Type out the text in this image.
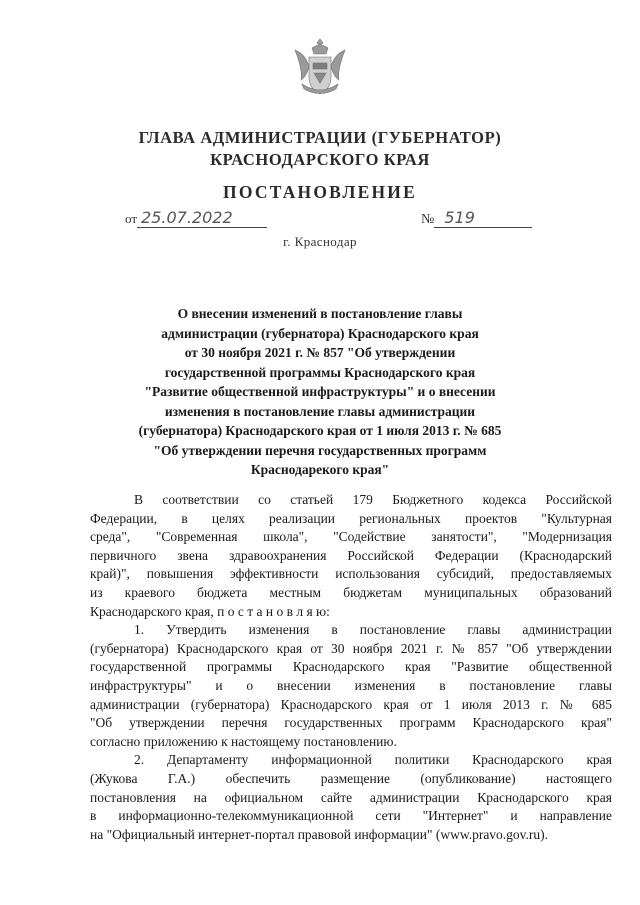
ГЛАВА АДМИНИСТРАЦИИ (ГУБЕРНАТОР)
КРАСНОДАРСКОГО КРАЯ
ПОСТАНОВЛЕНИЕ
от 25.07.2022	№ 519
г. Краснодар
О внесении изменений в постановление главы
администрации (губернатора) Краснодарского края
от 30 ноября 2021 г. № 857 "Об утверждении
государственной программы Краснодарского края
"Развитие общественной инфраструктуры" и о внесении
изменения в постановление главы администрации
(губернатора) Краснодарского края от 1 июля 2013 г. № 685
"Об утверждении перечня государственных программ
Краснодарекого края"
В соответствии со статьей 179 Бюджетного кодекса Российской
Федерации, в целях реализации региональных проектов "Культурная
среда", "Современная школа", "Содействие занятости", "Модернизация
первичного звена здравоохранения Российской Федерации (Краснодарский
край)", повышения эффективности использования субсидий, предоставляемых
из краевого бюджета местным бюджетам муниципальных образований
Краснодарского края, п о с т а н о в л я ю:
1. Утвердить изменения в постановление главы администрации
(губернатора) Краснодарского края от 30 ноября 2021 г. № 857 "Об утверждении
государственной программы Краснодарского края "Развитие общественной
инфраструктуры" и о внесении изменения в постановление главы
администрации (губернатора) Краснодарского края от 1 июля 2013 г. № 685
"Об утверждении перечня государственных программ Краснодарского края"
согласно приложению к настоящему постановлению.
2. Департаменту информационной политики Краснодарского края
(Жукова Г.А.) обеспечить размещение (опубликование) настоящего
постановления на официальном сайте администрации Краснодарского края
в информационно-телекоммуникационной сети "Интернет" и направление
на "Официальный интернет-портал правовой информации" (www.pravo.gov.ru).
